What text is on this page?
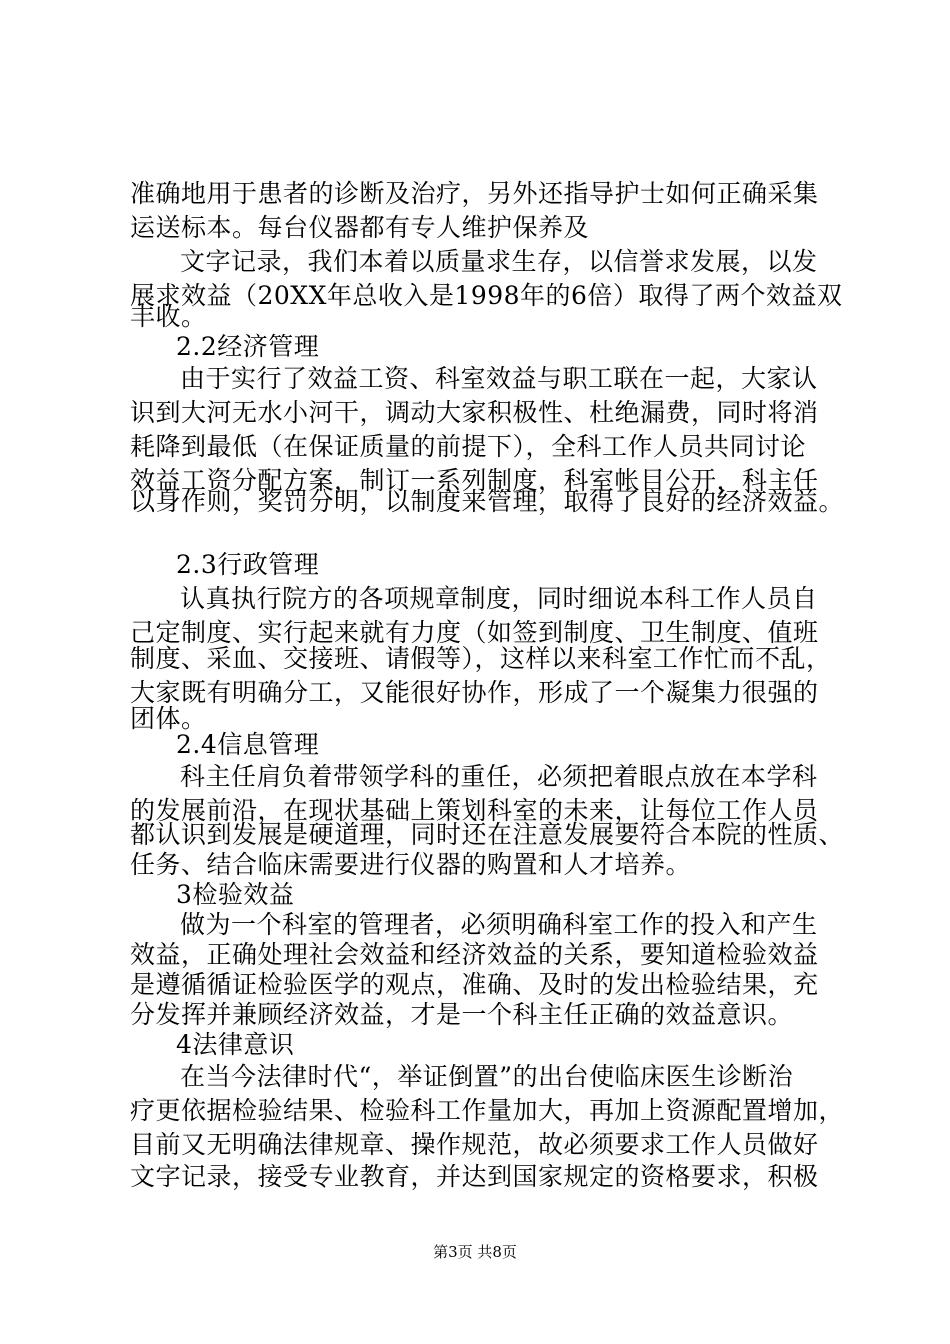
准确地用于患者的诊断及治疗，另外还指导护士如何正确采集
运送标本。每台仪器都有专人维护保养及
文字记录，我们本着以质量求生存，以信誉求发展，以发
展求效益（20XX年总收入是1998年的6倍）取得了两个效益双
丰收。
2.2经济管理
由于实行了效益工资、科室效益与职工联在一起，大家认
识到大河无水小河干，调动大家积极性、杜绝漏费，同时将消
耗降到最低（在保证质量的前提下），全科工作人员共同讨论
效益工资分配方案，制订一系列制度，科室帐目公开，科主任
以身作则，奖罚分明，以制度来管理，取得了良好的经济效益。
2.3行政管理
认真执行院方的各项规章制度，同时细说本科工作人员自
己定制度、实行起来就有力度（如签到制度、卫生制度、值班
制度、采血、交接班、请假等），这样以来科室工作忙而不乱，
大家既有明确分工，又能很好协作，形成了一个凝集力很强的
团体。
2.4信息管理
科主任肩负着带领学科的重任，必须把着眼点放在本学科
的发展前沿，在现状基础上策划科室的未来，让每位工作人员
都认识到发展是硬道理，同时还在注意发展要符合本院的性质、
任务、结合临床需要进行仪器的购置和人才培养。
3检验效益
做为一个科室的管理者，必须明确科室工作的投入和产生
效益，正确处理社会效益和经济效益的关系，要知道检验效益
是遵循循证检验医学的观点，准确、及时的发出检验结果，充
分发挥并兼顾经济效益，才是一个科主任正确的效益意识。
4法律意识
在当今法律时代“，举证倒置”的出台使临床医生诊断治
疗更依据检验结果、检验科工作量加大，再加上资源配置增加，
目前又无明确法律规章、操作规范，故必须要求工作人员做好
文字记录，接受专业教育，并达到国家规定的资格要求，积极
第3页 共8页
